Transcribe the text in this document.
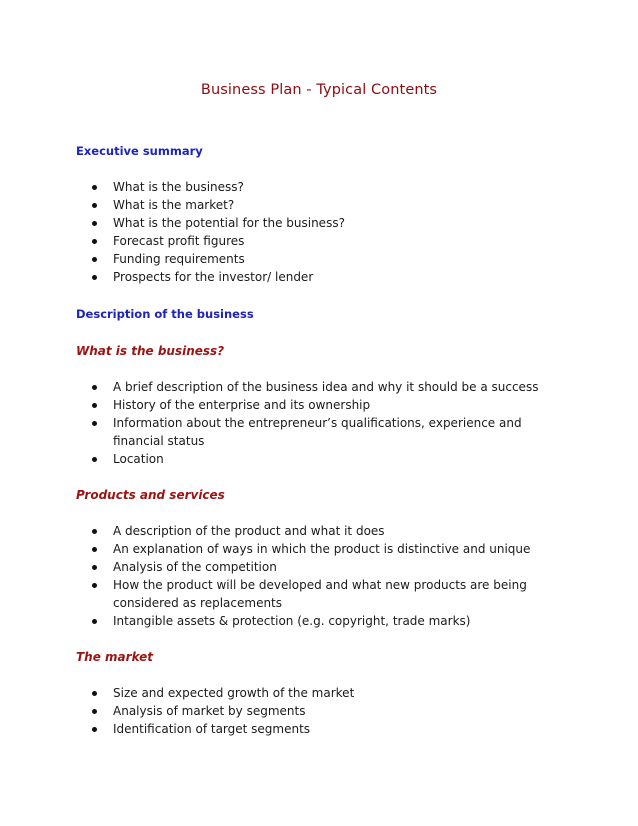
Business Plan - Typical Contents
Executive summary
What is the business?
What is the market?
What is the potential for the business?
Forecast profit figures
Funding requirements
Prospects for the investor/ lender
Description of the business
What is the business?
A brief description of the business idea and why it should be a success
History of the enterprise and its ownership
Information about the entrepreneur’s qualifications, experience and financial status
Location
Products and services
A description of the product and what it does
An explanation of ways in which the product is distinctive and unique
Analysis of the competition
How the product will be developed and what new products are being considered as replacements
Intangible assets & protection (e.g. copyright, trade marks)
The market
Size and expected growth of the market
Analysis of market by segments
Identification of target segments
